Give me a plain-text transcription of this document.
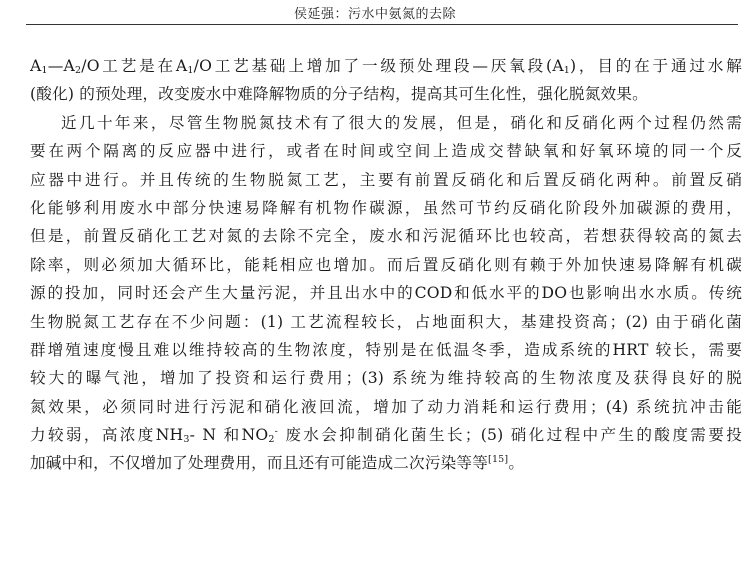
侯延强：污水中氨氮的去除
$A_1—A_2/O$工艺是在$A_1/O$工艺基础上增加了一级预处理段—厌氧段$(A_1)$，目的在于通过水解
(酸化) 的预处理，改变废水中难降解物质的分子结构，提高其可生化性，强化脱氮效果。
近几十年来，尽管生物脱氮技术有了很大的发展，但是，硝化和反硝化两个过程仍然需
要在两个隔离的反应器中进行，或者在时间或空间上造成交替缺氧和好氧环境的同一个反
应器中进行。并且传统的生物脱氮工艺，主要有前置反硝化和后置反硝化两种。前置反硝
化能够利用废水中部分快速易降解有机物作碳源，虽然可节约反硝化阶段外加碳源的费用，
但是，前置反硝化工艺对氮的去除不完全，废水和污泥循环比也较高，若想获得较高的氮去
除率，则必须加大循环比，能耗相应也增加。而后置反硝化则有赖于外加快速易降解有机碳
源的投加，同时还会产生大量污泥，并且出水中的COD和低水平的DO也影响出水水质。传统
生物脱氮工艺存在不少问题：(1) 工艺流程较长，占地面积大，基建投资高；(2) 由于硝化菌
群增殖速度慢且难以维持较高的生物浓度，特别是在低温冬季，造成系统的HRT 较长，需要
较大的曝气池，增加了投资和运行费用；(3) 系统为维持较高的生物浓度及获得良好的脱
氮效果，必须同时进行污泥和硝化液回流，增加了动力消耗和运行费用；(4) 系统抗冲击能
力较弱，高浓度$NH_3-$ N 和$NO_2^-$ 废水会抑制硝化菌生长；(5) 硝化过程中产生的酸度需要投
加碱中和，不仅增加了处理费用，而且还有可能造成二次污染等等[15]。
